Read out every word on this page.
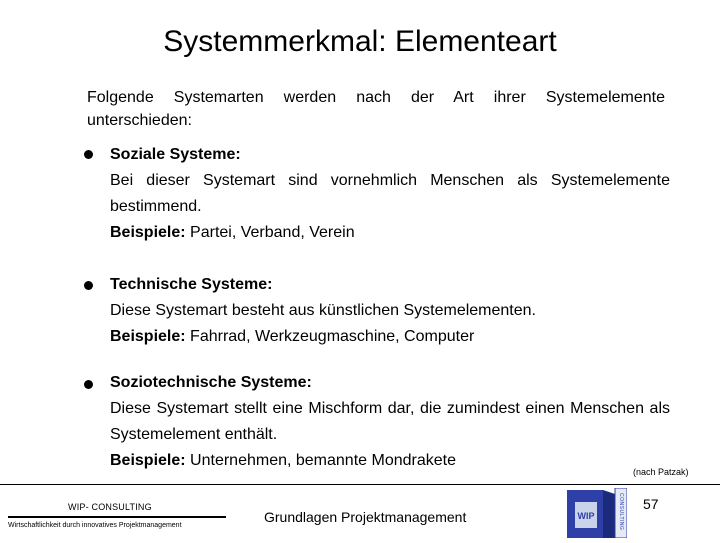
Systemmerkmal: Elementeart
Folgende Systemarten werden nach der Art ihrer Systemelemente unterschieden:
Soziale Systeme:
Bei dieser Systemart sind vornehmlich Menschen als Systemelemente bestimmend.
Beispiele: Partei, Verband, Verein
Technische Systeme:
Diese Systemart besteht aus künstlichen Systemelementen.
Beispiele: Fahrrad, Werkzeugmaschine, Computer
Soziotechnische Systeme:
Diese Systemart stellt eine Mischform dar, die zumindest einen Menschen als Systemelement enthält.
Beispiele: Unternehmen, bemannte Mondrakete
(nach Patzak)
WIP- CONSULTING
Wirtschaftlichkeit durch innovatives Projektmanagement
Grundlagen Projektmanagement	WIP	CONSULTING 57
